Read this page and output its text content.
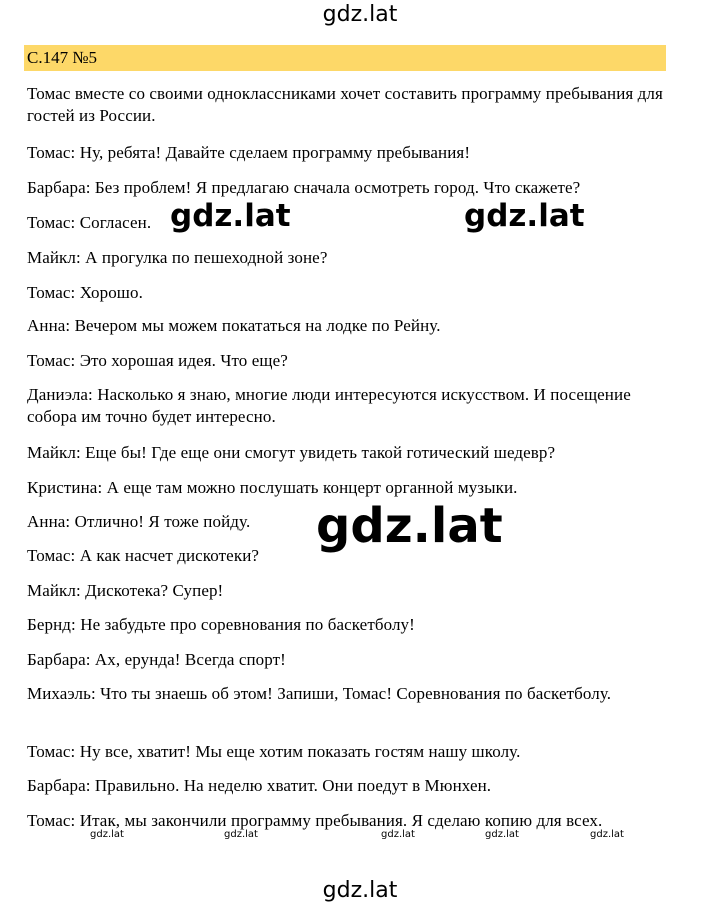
gdz.lat
С.147 №5
Томас вместе со своими одноклассниками хочет составить программу пребывания для гостей из России.
Томас: Ну, ребята! Давайте сделаем программу пребывания!
Барбара: Без проблем! Я предлагаю сначала осмотреть город. Что скажете?
Томас: Согласен.
Майкл: А прогулка по пешеходной зоне?
Томас: Хорошо.
Анна: Вечером мы можем покататься на лодке по Рейну.
Томас: Это хорошая идея. Что еще?
Даниэла: Насколько я знаю, многие люди интересуются искусством. И посещение собора им точно будет интересно.
Майкл: Еще бы! Где еще они смогут увидеть такой готический шедевр?
Кристина: А еще там можно послушать концерт органной музыки.
Анна: Отлично! Я тоже пойду.
Томас: А как насчет дискотеки?
Майкл: Дискотека? Супер!
Бернд: Не забудьте про соревнования по баскетболу!
Барбара: Ах, ерунда! Всегда спорт!
Михаэль: Что ты знаешь об этом! Запиши, Томас! Соревнования по баскетболу.
Томас: Ну все, хватит! Мы еще хотим показать гостям нашу школу.
Барбара: Правильно. На неделю хватит. Они поедут в Мюнхен.
Томас: Итак, мы закончили программу пребывания. Я сделаю копию для всех.
gdz.lat	gdz.lat
gdz.lat
gdz.lat	gdz.lat	gdz.lat	gdz.lat	gdz.lat
gdz.lat
